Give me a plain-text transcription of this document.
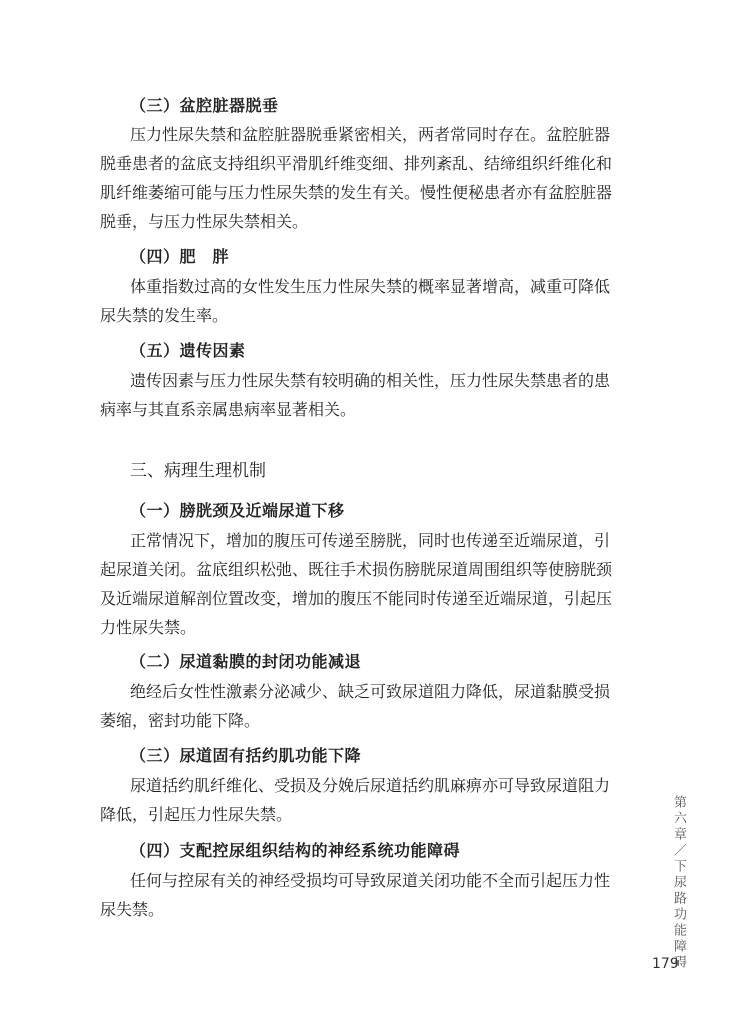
（三）盆腔脏器脱垂
压力性尿失禁和盆腔脏器脱垂紧密相关，两者常同时存在。盆腔脏器
脱垂患者的盆底支持组织平滑肌纤维变细、排列紊乱、结缔组织纤维化和
肌纤维萎缩可能与压力性尿失禁的发生有关。慢性便秘患者亦有盆腔脏器
脱垂，与压力性尿失禁相关。
（四）肥　胖
体重指数过高的女性发生压力性尿失禁的概率显著增高，减重可降低
尿失禁的发生率。
（五）遗传因素
遗传因素与压力性尿失禁有较明确的相关性，压力性尿失禁患者的患
病率与其直系亲属患病率显著相关。
三、病理生理机制
（一）膀胱颈及近端尿道下移
正常情况下，增加的腹压可传递至膀胱，同时也传递至近端尿道，引
起尿道关闭。盆底组织松弛、既往手术损伤膀胱尿道周围组织等使膀胱颈
及近端尿道解剖位置改变，增加的腹压不能同时传递至近端尿道，引起压
力性尿失禁。
（二）尿道黏膜的封闭功能减退
绝经后女性性激素分泌减少、缺乏可致尿道阻力降低，尿道黏膜受损
萎缩，密封功能下降。
（三）尿道固有括约肌功能下降
尿道括约肌纤维化、受损及分娩后尿道括约肌麻痹亦可导致尿道阻力
降低，引起压力性尿失禁。
（四）支配控尿组织结构的神经系统功能障碍
任何与控尿有关的神经受损均可导致尿道关闭功能不全而引起压力性
尿失禁。	第六章／下尿路功能障碍
179
